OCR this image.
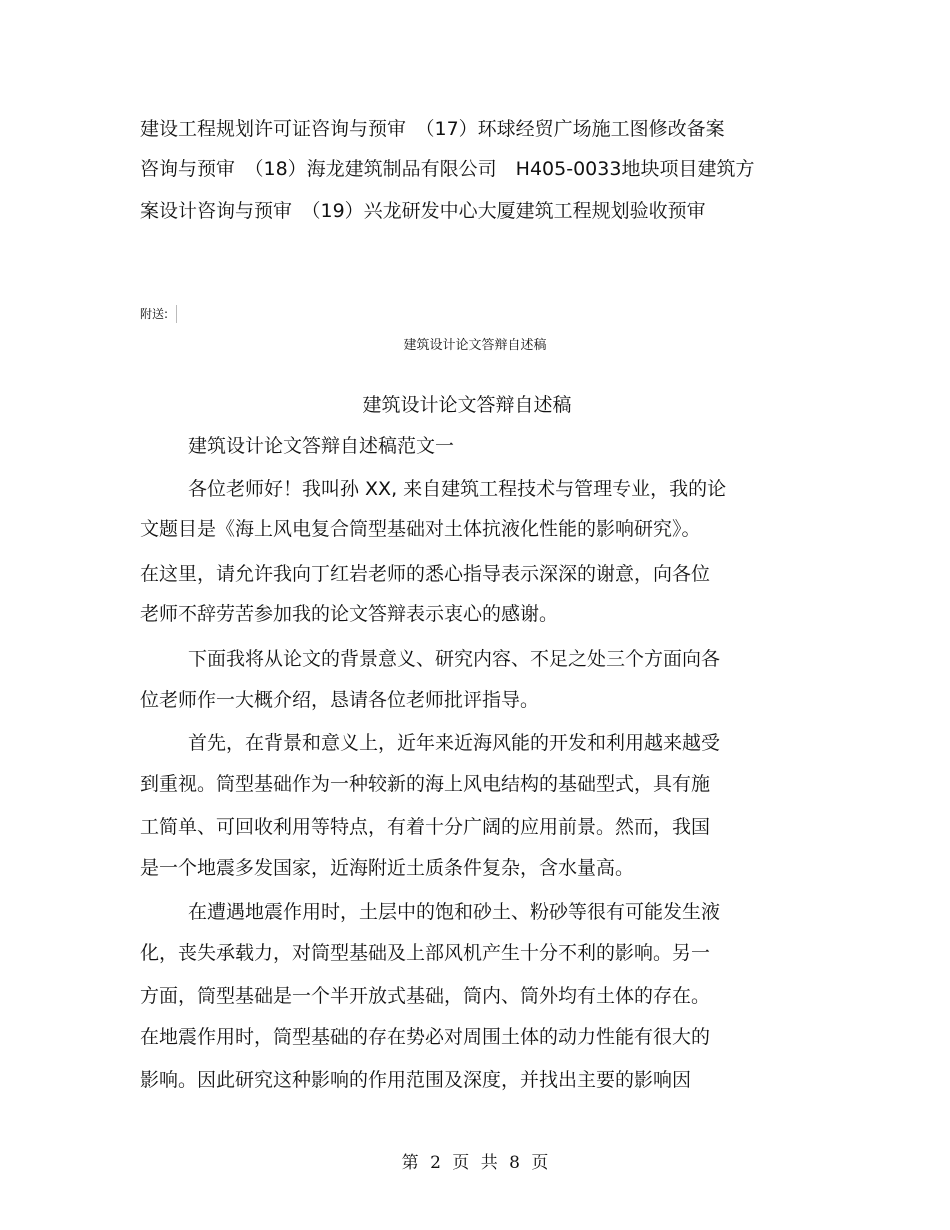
建设工程规划许可证咨询与预审　（17）环球经贸广场施工图修改备案
咨询与预审　（18）海龙建筑制品有限公司　H405-0033地块项目建筑方
案设计咨询与预审　（19）兴龙研发中心大厦建筑工程规划验收预审
附送:
建筑设计论文答辩自述稿
建筑设计论文答辩自述稿
建筑设计论文答辩自述稿范文一
各位老师好！我叫孙 XX, 来自建筑工程技术与管理专业，我的论
文题目是《海上风电复合筒型基础对土体抗液化性能的影响研究》。
在这里，请允许我向丁红岩老师的悉心指导表示深深的谢意，向各位
老师不辞劳苦参加我的论文答辩表示衷心的感谢。
下面我将从论文的背景意义、研究内容、不足之处三个方面向各
位老师作一大概介绍，恳请各位老师批评指导。
首先，在背景和意义上，近年来近海风能的开发和利用越来越受
到重视。筒型基础作为一种较新的海上风电结构的基础型式，具有施
工简单、可回收利用等特点，有着十分广阔的应用前景。然而，我国
是一个地震多发国家，近海附近土质条件复杂，含水量高。
在遭遇地震作用时，土层中的饱和砂土、粉砂等很有可能发生液
化，丧失承载力，对筒型基础及上部风机产生十分不利的影响。另一
方面，筒型基础是一个半开放式基础，筒内、筒外均有土体的存在。
在地震作用时，筒型基础的存在势必对周围土体的动力性能有很大的
影响。因此研究这种影响的作用范围及深度，并找出主要的影响因
第 2 页 共 8 页
